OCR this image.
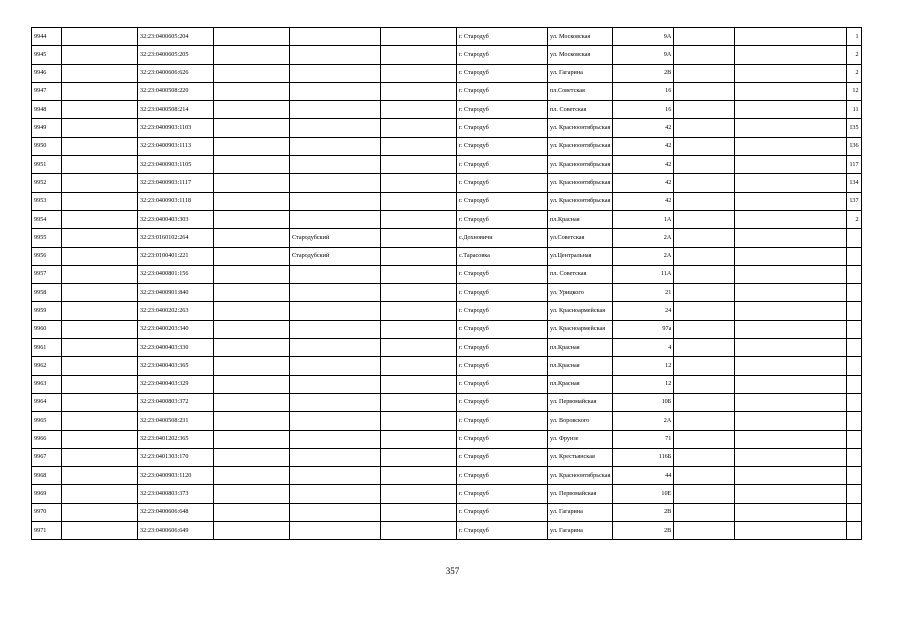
9944		32:23:0400605:204				г. Стародуб	ул. Московская	9А			1
9945		32:23:0400605:205				г. Стародуб	ул. Московская	9А			2
9946		32:23:0400606:626				г. Стародуб	ул. Гагарина	2В			2
9947		32:23:0400508:220				г. Стародуб	пл.Советская	16			12
9948		32:23:0400508:214				г. Стародуб	пл. Советская	16			11
9949		32:23:0400903:1103				г. Стародуб	ул. Красноонтябрьская	42			135
9950		32:23:0400903:1113				г. Стародуб	ул. Красноонтябрьская	42			136
9951		32:23:0400903:1105				г. Стародуб	ул. Красноонтябрьская	42			117
9952		32:23:0400903:1117				г. Стародуб	ул. Красноонтябрьская	42			134
9953		32:23:0400903:1118				г. Стародуб	ул. Красноонтябрьская	42			137
9954		32:23:0400403:303				г. Стародуб	пл.Красная	1А			2
9955		32:23:0160102:264		Стародубский		с.Дохновичи	ул.Советская	2А			
9956		32:23:0100401:221		Стародубский		с.Тарасовка	ул.Центральная	2А			
9957		32:23:0400801:156				г. Стародуб	пл. Советская	11А			
9958		32:23:0400901:840				г. Стародуб	ул. Урицкого	21			
9959		32:23:0400202:263				г. Стародуб	ул. Красноармейская	24			
9960		32:23:0400203:340				г. Стародуб	ул. Красноармейская	97а			
9961		32:23:0400403:330				г. Стародуб	пл.Красная	4			
9962		32:23:0400403:365				г. Стародуб	пл.Красная	12			
9963		32:23:0400403:329				г. Стародуб	пл.Красная	12			
9964		32:23:0400803:372				г. Стародуб	ул. Первомайская	10Б			
9965		32:23:0400508:231				г. Стародуб	ул. Воровского	2А			
9966		32:23:0401202:365				г. Стародуб	ул. Фрунзе	71			
9967		32:23:0401303:170				г. Стародуб	ул. Крестьянская	116Б			
9968		32:23:0400903:1120				г. Стародуб	ул. Красноонтябрьская	44			
9969		32:23:0400803:373				г. Стародуб	ул. Первомайская	10Е			
9970		32:23:0400606:648				г. Стародуб	ул. Гагарина	2В			
9971		32:23:0400606:649				г. Стародуб	ул. Гагарина	2В			
357
